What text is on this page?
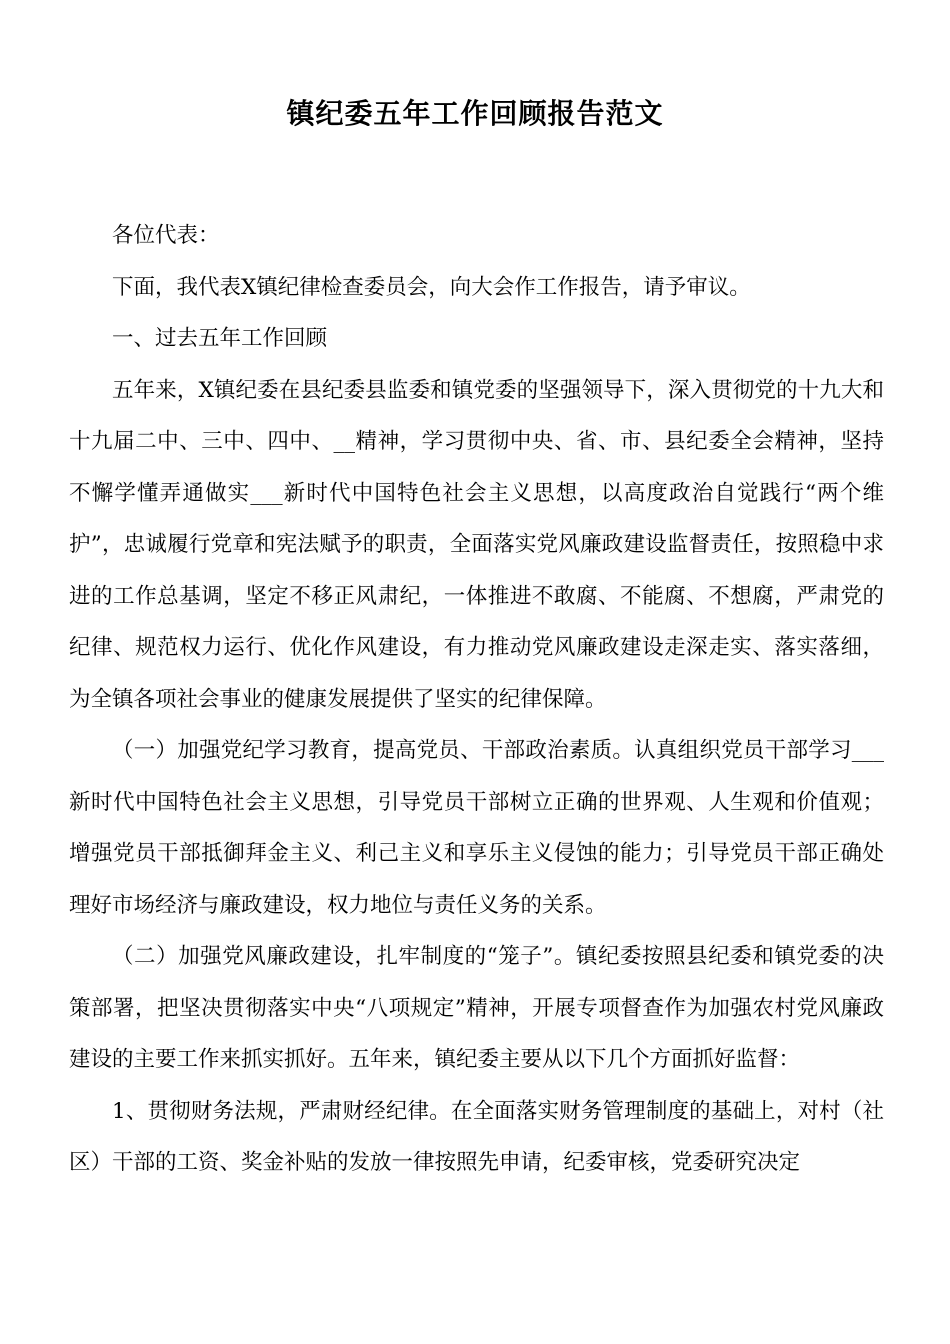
镇纪委五年工作回顾报告范文

各位代表：

下面，我代表X镇纪律检查委员会，向大会作工作报告，请予审议。

一、过去五年工作回顾

五年来，X镇纪委在县纪委县监委和镇党委的坚强领导下，深入贯彻党的十九大和十九届二中、三中、四中、__精神，学习贯彻中央、省、市、县纪委全会精神，坚持不懈学懂弄通做实___新时代中国特色社会主义思想，以高度政治自觉践行“两个维护”，忠诚履行党章和宪法赋予的职责，全面落实党风廉政建设监督责任，按照稳中求进的工作总基调，坚定不移正风肃纪，一体推进不敢腐、不能腐、不想腐，严肃党的纪律、规范权力运行、优化作风建设，有力推动党风廉政建设走深走实、落实落细，为全镇各项社会事业的健康发展提供了坚实的纪律保障。

（一）加强党纪学习教育，提高党员、干部政治素质。认真组织党员干部学习___新时代中国特色社会主义思想，引导党员干部树立正确的世界观、人生观和价值观；增强党员干部抵御拜金主义、利己主义和享乐主义侵蚀的能力；引导党员干部正确处理好市场经济与廉政建设，权力地位与责任义务的关系。

（二）加强党风廉政建设，扎牢制度的“笼子”。镇纪委按照县纪委和镇党委的决策部署，把坚决贯彻落实中央“八项规定”精神，开展专项督查作为加强农村党风廉政建设的主要工作来抓实抓好。五年来，镇纪委主要从以下几个方面抓好监督：

1、贯彻财务法规，严肃财经纪律。在全面落实财务管理制度的基础上，对村（社区）干部的工资、奖金补贴的发放一律按照先申请，纪委审核，党委研究决定
